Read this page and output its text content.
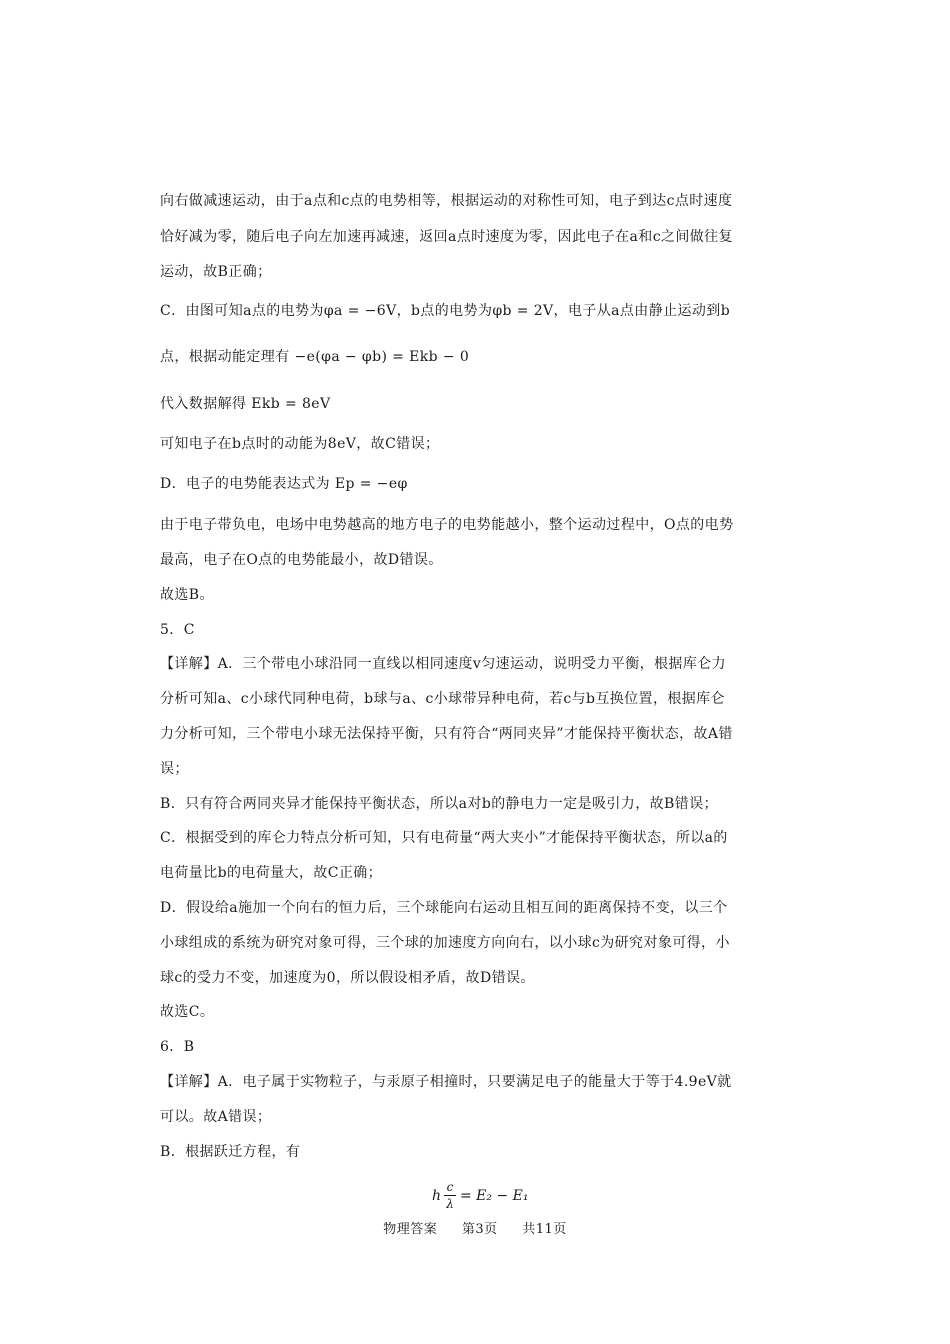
向右做减速运动，由于a点和c点的电势相等，根据运动的对称性可知，电子到达c点时速度
恰好减为零，随后电子向左加速再减速，返回a点时速度为零，因此电子在a和c之间做往复
运动，故B正确；
C．由图可知a点的电势为φa = −6V，b点的电势为φb = 2V，电子从a点由静止运动到b
点，根据动能定理有 −e(φa − φb) = Ekb − 0
代入数据解得 Ekb = 8eV
可知电子在b点时的动能为8eV，故C错误；
D．电子的电势能表达式为 Ep = −eφ
由于电子带负电，电场中电势越高的地方电子的电势能越小，整个运动过程中，O点的电势
最高，电子在O点的电势能最小，故D错误。
故选B。
5．C
【详解】A．三个带电小球沿同一直线以相同速度v匀速运动，说明受力平衡，根据库仑力
分析可知a、c小球代同种电荷，b球与a、c小球带异种电荷，若c与b互换位置，根据库仑
力分析可知，三个带电小球无法保持平衡，只有符合“两同夹异”才能保持平衡状态，故A错
误；
B．只有符合两同夹异才能保持平衡状态，所以a对b的静电力一定是吸引力，故B错误；
C．根据受到的库仑力特点分析可知，只有电荷量“两大夹小”才能保持平衡状态，所以a的
电荷量比b的电荷量大，故C正确；
D．假设给a施加一个向右的恒力后，三个球能向右运动且相互间的距离保持不变，以三个
小球组成的系统为研究对象可得，三个球的加速度方向向右，以小球c为研究对象可得，小
球c的受力不变，加速度为0，所以假设相矛盾，故D错误。
故选C。
6．B
【详解】A．电子属于实物粒子，与汞原子相撞时，只要满足电子的能量大于等于4.9eV就
可以。故A错误；
B．根据跃迁方程，有
h
c
λ = E₂ − E₁
物理答案 第3页 共11页
